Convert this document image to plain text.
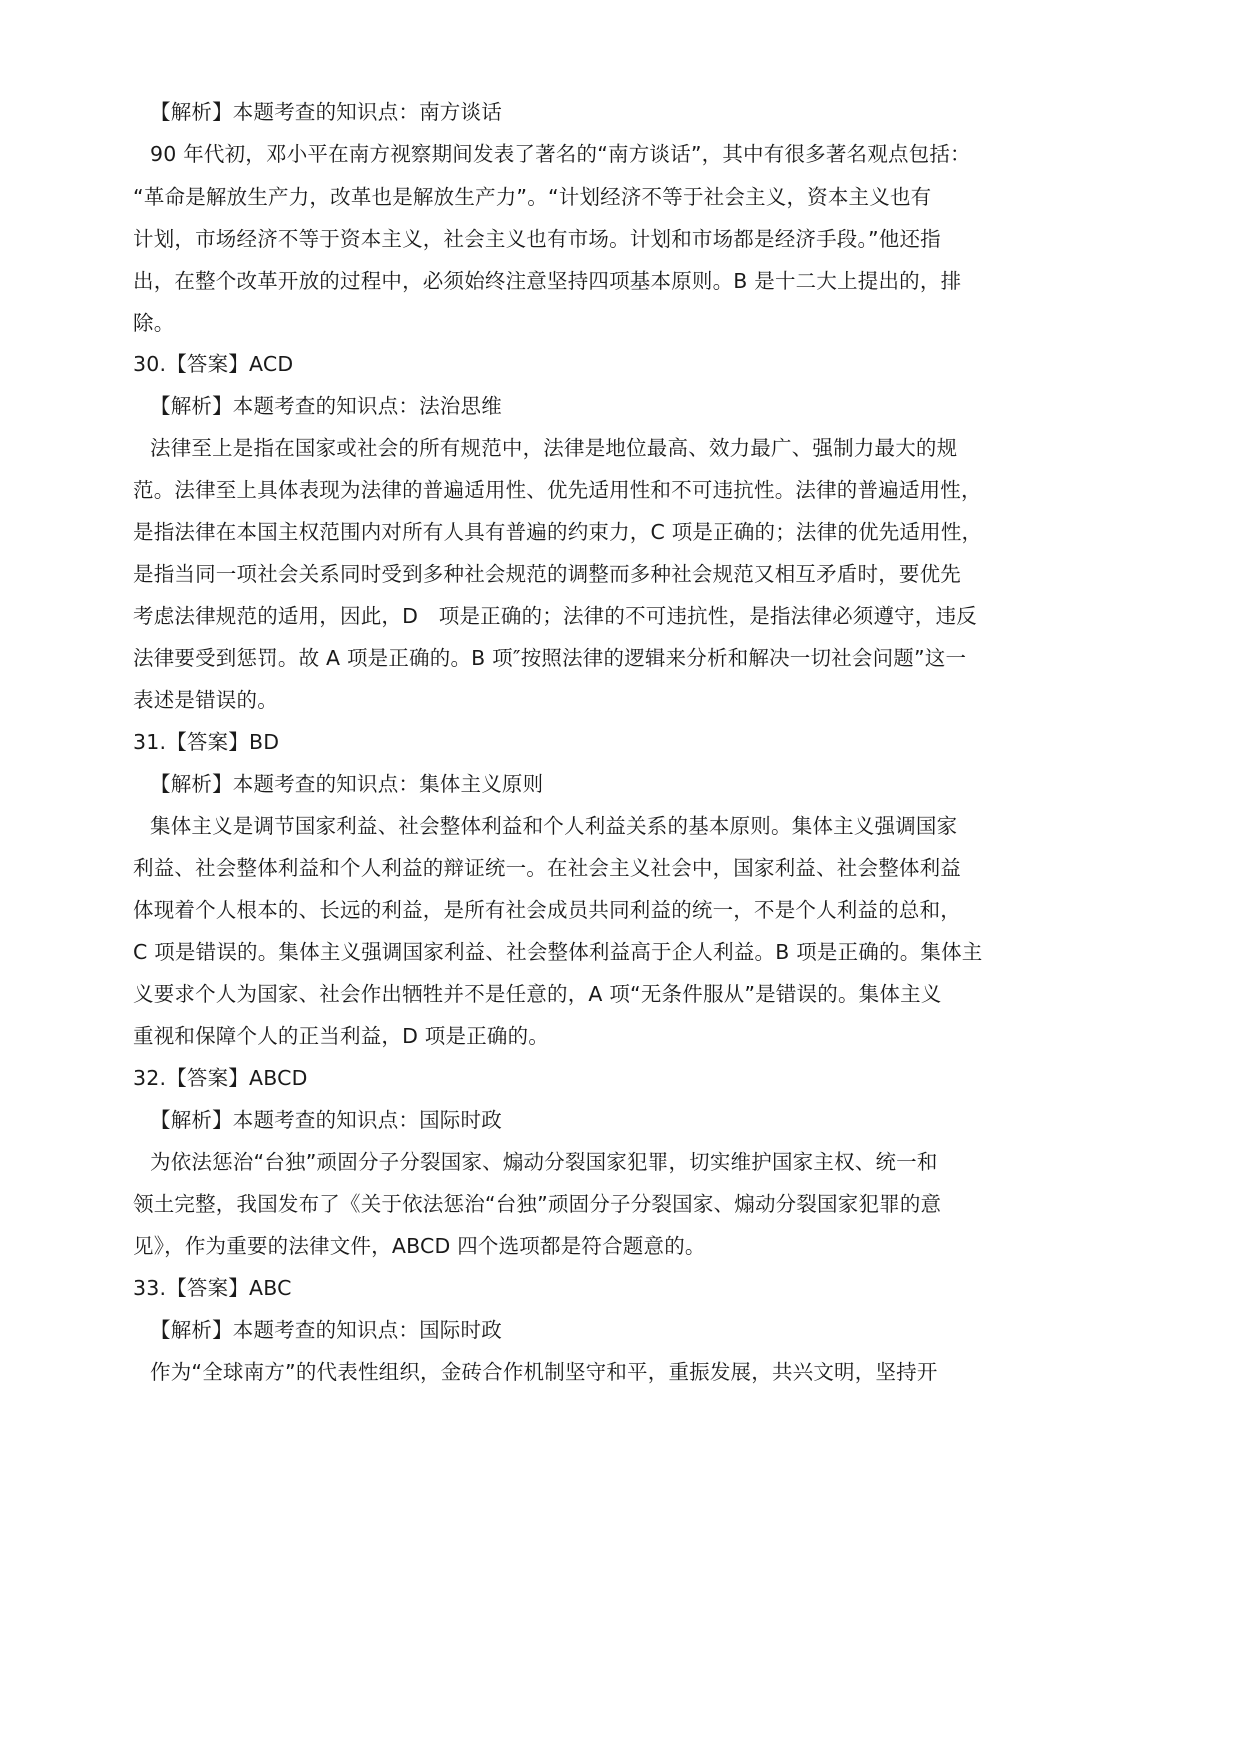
【解析】本题考查的知识点：南方谈话
90 年代初，邓小平在南方视察期间发表了著名的“南方谈话”，其中有很多著名观点包括：
“革命是解放生产力，改革也是解放生产力”。“计划经济不等于社会主义，资本主义也有
计划，市场经济不等于资本主义，社会主义也有市场。计划和市场都是经济手段。”他还指
出，在整个改革开放的过程中，必须始终注意坚持四项基本原则。B 是十二大上提出的，排
除。
30.【答案】ACD
【解析】本题考查的知识点：法治思维
法律至上是指在国家或社会的所有规范中，法律是地位最高、效力最广、强制力最大的规
范。法律至上具体表现为法律的普遍适用性、优先适用性和不可违抗性。法律的普遍适用性，
是指法律在本国主权范围内对所有人具有普遍的约束力，C 项是正确的；法律的优先适用性，
是指当同一项社会关系同时受到多种社会规范的调整而多种社会规范又相互矛盾时，要优先
考虑法律规范的适用，因此，D　项是正确的；法律的不可违抗性，是指法律必须遵守，违反
法律要受到惩罚。故 A 项是正确的。B 项″按照法律的逻辑来分析和解决一切社会问题”这一
表述是错误的。
31.【答案】BD
【解析】本题考查的知识点：集体主义原则
集体主义是调节国家利益、社会整体利益和个人利益关系的基本原则。集体主义强调国家
利益、社会整体利益和个人利益的辩证统一。在社会主义社会中，国家利益、社会整体利益
体现着个人根本的、长远的利益，是所有社会成员共同利益的统一，不是个人利益的总和，
C 项是错误的。集体主义强调国家利益、社会整体利益高于企人利益。B 项是正确的。集体主
义要求个人为国家、社会作出牺牲并不是任意的，A 项“无条件服从”是错误的。集体主义
重视和保障个人的正当利益，D 项是正确的。
32.【答案】ABCD
【解析】本题考查的知识点：国际时政
为依法惩治“台独”顽固分子分裂国家、煽动分裂国家犯罪，切实维护国家主权、统一和
领土完整，我国发布了《关于依法惩治“台独”顽固分子分裂国家、煽动分裂国家犯罪的意
见》，作为重要的法律文件，ABCD 四个选项都是符合题意的。
33.【答案】ABC
【解析】本题考查的知识点：国际时政
作为“全球南方”的代表性组织，金砖合作机制坚守和平，重振发展，共兴文明，坚持开
